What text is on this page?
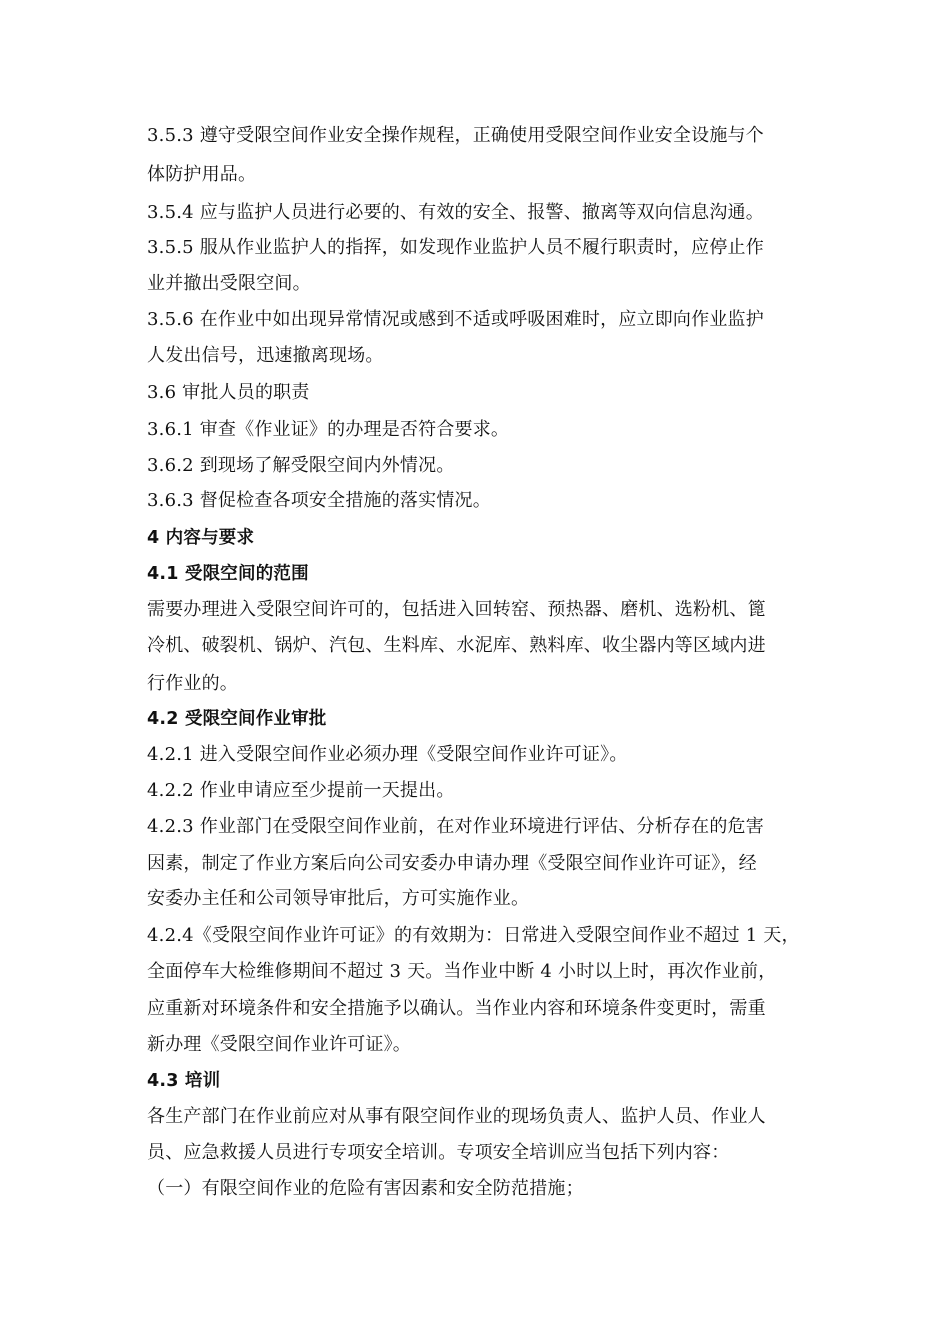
3.5.3 遵守受限空间作业安全操作规程，正确使用受限空间作业安全设施与个

体防护用品。

3.5.4 应与监护人员进行必要的、有效的安全、报警、撤离等双向信息沟通。

3.5.5 服从作业监护人的指挥，如发现作业监护人员不履行职责时，应停止作

业并撤出受限空间。

3.5.6 在作业中如出现异常情况或感到不适或呼吸困难时，应立即向作业监护

人发出信号，迅速撤离现场。

3.6 审批人员的职责

3.6.1 审查《作业证》的办理是否符合要求。

3.6.2 到现场了解受限空间内外情况。

3.6.3 督促检查各项安全措施的落实情况。

4 内容与要求

4.1 受限空间的范围

需要办理进入受限空间许可的，包括进入回转窑、预热器、磨机、选粉机、篦

冷机、破裂机、锅炉、汽包、生料库、水泥库、熟料库、收尘器内等区域内进

行作业的。

4.2 受限空间作业审批

4.2.1 进入受限空间作业必须办理《受限空间作业许可证》。

4.2.2 作业申请应至少提前一天提出。

4.2.3 作业部门在受限空间作业前，在对作业环境进行评估、分析存在的危害

因素，制定了作业方案后向公司安委办申请办理《受限空间作业许可证》，经

安委办主任和公司领导审批后，方可实施作业。

4.2.4《受限空间作业许可证》的有效期为：日常进入受限空间作业不超过 1 天，

全面停车大检维修期间不超过 3 天。当作业中断 4 小时以上时，再次作业前，

应重新对环境条件和安全措施予以确认。当作业内容和环境条件变更时，需重

新办理《受限空间作业许可证》。

4.3 培训

各生产部门在作业前应对从事有限空间作业的现场负责人、监护人员、作业人

员、应急救援人员进行专项安全培训。专项安全培训应当包括下列内容：

（一）有限空间作业的危险有害因素和安全防范措施；
